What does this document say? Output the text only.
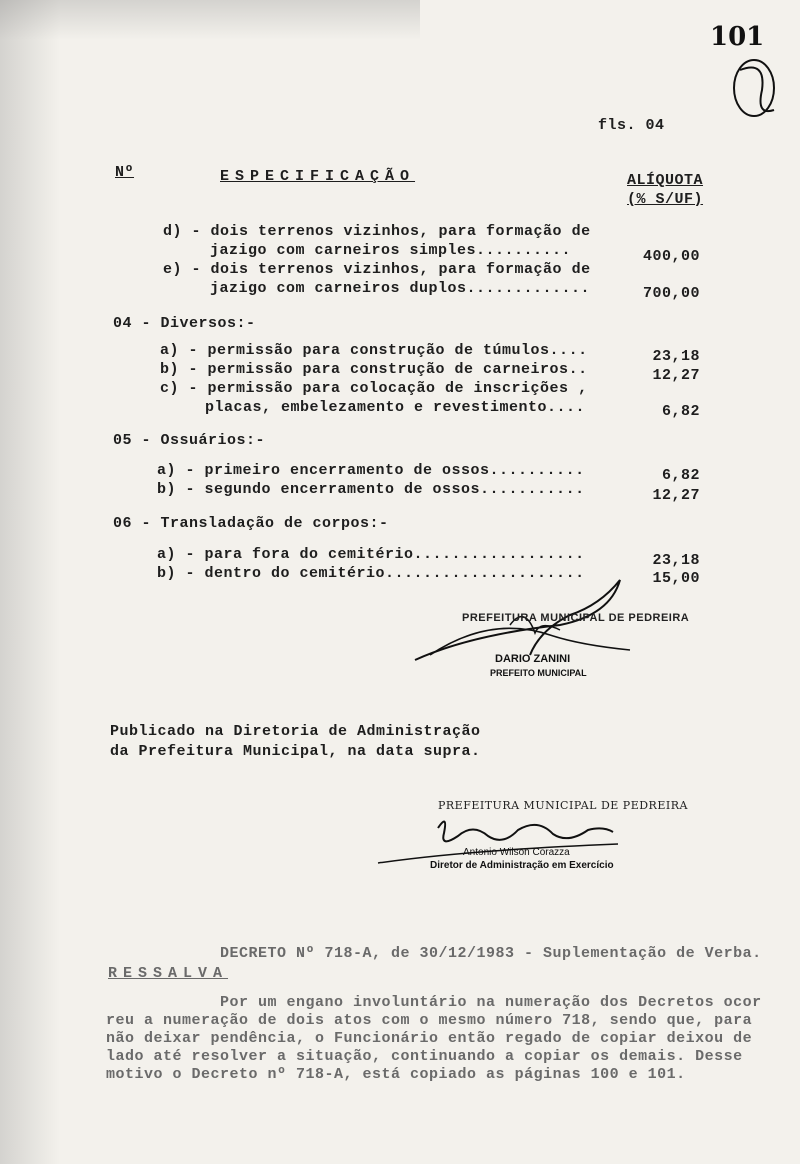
101
fls. 04
Nº	ESPECIFICAÇÃO	ALÍQUOTA
(% S/UF)
d) - dois terrenos vizinhos, para formação de
jazigo com carneiros simples..........	400,00
e) - dois terrenos vizinhos, para formação de
jazigo com carneiros duplos.............	700,00
04 - Diversos:-
a) - permissão para construção de túmulos....	23,18
b) - permissão para construção de carneiros..	12,27
c) - permissão para colocação de inscrições ,
placas, embelezamento e revestimento....	6,82
05 - Ossuários:-
a) - primeiro encerramento de ossos..........	6,82
b) - segundo encerramento de ossos...........	12,27
06 - Transladação de corpos:-
a) - para fora do cemitério..................	23,18
b) - dentro do cemitério.....................	15,00
PREFEITURA MUNICIPAL DE PEDREIRA
DARIO ZANINI
PREFEITO MUNICIPAL
Publicado na Diretoria de Administração
da Prefeitura Municipal, na data supra.
PREFEITURA MUNICIPAL DE PEDREIRA
Antonio Wilson Corazza
Diretor de Administração em Exercício
DECRETO Nº 718-A, de 30/12/1983 - Suplementação de Verba.
RESSALVA
Por um engano involuntário na numeração dos Decretos ocor
reu a numeração de dois atos com o mesmo número 718, sendo que, para
não deixar pendência, o Funcionário então regado de copiar deixou de
lado até resolver a situação, continuando a copiar os demais. Desse
motivo o Decreto nº 718-A, está copiado as páginas 100 e 101.
